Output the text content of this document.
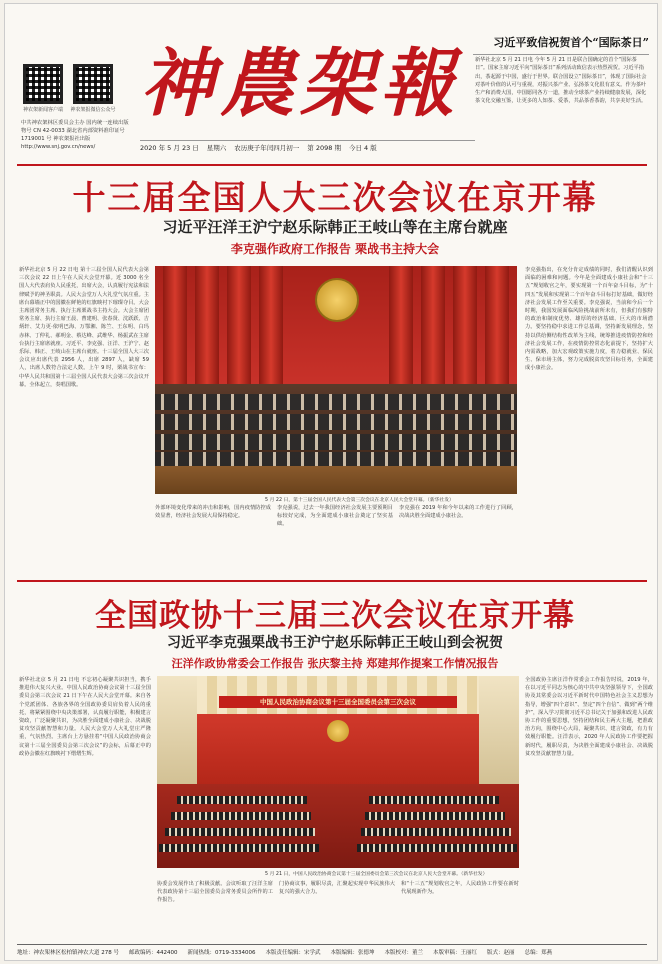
神农架新闻客户端	神农架报微信公众号
中共神农架林区委员会主办 国内统一连续出版物号 CN 42-0033 湖北省内部资料准印证号 1719001 号 神农架报社出版 http://www.snj.gov.cn/news/
神農架報
2020 年 5 月 23 日 星期六 农历庚子年闰四月初一 第 2098 期 今日 4 版
习近平致信祝贺首个“国际茶日”
新华社北京 5 月 21 日电 今年 5 月 21 日是联合国确定的首个“国际茶日”。国家主席习近平向“国际茶日”系列活动致信表示热烈祝贺。习近平指出，茶起源于中国，盛行于世界。联合国设立“国际茶日”，体现了国际社会对茶叶价值的认可与重视，对振兴茶产业、弘扬茶文化很有意义。作为茶叶生产和消费大国，中国愿同各方一道，推动全球茶产业持续健康发展，深化茶文化交融互鉴，让更多的人知茶、爱茶，共品茶香茶韵，共享美好生活。
十三届全国人大三次会议在京开幕
习近平汪洋王沪宁赵乐际韩正王岐山等在主席台就座
李克强作政府工作报告 栗战书主持大会
新华社北京 5 月 22 日电 第十三届全国人民代表大会第三次会议 22 日上午在人民大会堂开幕。近 3000 名全国人大代表肩负人民重托，出席大会，认真履行宪法和法律赋予的神圣职责。人民大会堂万人大礼堂气氛庄重。主席台幕墙正中的国徽在鲜艳的红旗映衬下璀璨夺目。大会主席团常务主席、执行主席栗战书主持大会。大会主席团常务主席、执行主席王晨、曹建明、张春贤、沈跃跃、吉炳轩、艾力更·依明巴海、万鄂湘、陈竺、王东明、白玛赤林、丁仲礼、郝明金、蔡达峰、武维华、杨振武在主席台执行主席席就座。习近平、李克强、汪洋、王沪宁、赵乐际、韩正、王岐山在主席台就座。十三届全国人大三次会议应出席代表 2956 人，出席 2897 人，缺席 59 人，出席人数符合法定人数。上午 9 时，栗战书宣布：中华人民共和国第十三届全国人民代表大会第三次会议开幕。全体起立，奏唱国歌。
李克强指出，在充分肯定成绩的同时，我们清醒认识到面临的困难和问题。今年是全面建成小康社会和“十三五”规划收官之年，要实现第一个百年奋斗目标，为“十四五”发展和实现第二个百年奋斗目标打好基础，做好经济社会发展工作至关重要。李克强说，当前和今后一个时期，我国发展面临风险挑战前所未有，但我们有独特的政治和制度优势、雄厚的经济基础、巨大的市场潜力。要坚持稳中求进工作总基调，坚持新发展理念，坚持以供给侧结构性改革为主线，统筹推进疫情防控和经济社会发展工作，在疫情防控常态化前提下，坚持扩大内需战略，加大宏观政策实施力度，着力稳就业、保民生、保市场主体，努力完成脱贫攻坚目标任务，全面建成小康社会。
5 月 22 日，第十三届全国人民代表大会第三次会议在北京人民大会堂开幕。（新华社发）
外部环境变化带来的冲击和影响，国内疫情防控成效显著，经济社会发展大局保持稳定。
李克强说，过去一年我国经济社会发展主要预期目标较好完成，为全面建成小康社会奠定了坚实基础。
李克强在 2019 年和今年以来的工作进行了回顾，决战决胜全面建成小康社会。
全国政协十三届三次会议在京开幕
习近平李克强栗战书王沪宁赵乐际韩正王岐山到会祝贺
汪洋作政协常委会工作报告 张庆黎主持 郑建邦作提案工作情况报告
新华社北京 5 月 21 日电 不忘初心凝聚共识担当，携手推进伟大复兴大业。中国人民政治协商会议第十三届全国委员会第三次会议 21 日下午在人民大会堂开幕。来自各个党派团体、各族各界的全国政协委员肩负着人民的重托，将紧紧围绕中央决策部署，认真履行职能，积极建言资政，广泛凝聚共识，为决胜全面建成小康社会、决战脱贫攻坚贡献智慧和力量。人民大会堂万人大礼堂庄严隆重，气氛热烈。主席台上方悬挂着“中国人民政治协商会议第十三届全国委员会第三次会议”的会标，后幕正中的政协会徽在红旗映衬下熠熠生辉。
全国政协主席汪洋作常委会工作报告时说，2019 年，在以习近平同志为核心的中共中央坚强领导下，全国政协及其常委会以习近平新时代中国特色社会主义思想为指导，增强“四个意识”、坚定“四个自信”、做到“两个维护”，深入学习贯彻习近平总书记关于加强和改进人民政协工作的重要思想，坚持团结和民主两大主题，把准政治方向，围绕中心大局，凝聚共识、建言资政，有力有效履行职能。汪洋表示，2020 年人民政协工作要把握新时代，履职尽责，为决胜全面建成小康社会、决战脱贫攻坚贡献智慧力量。
中国人民政治协商会议第十三届全国委员会第三次会议
5 月 21 日，中国人民政治协商会议第十三届全国委员会第三次会议在北京人民大会堂开幕。（新华社发）
协委会发展作出了积极贡献。会议听取了汪洋主席代表政协第十三届全国委员会常务委员会所作的工作报告。
门协商议事，履职尽责，汇聚起实现中华民族伟大复兴的强大合力。
和“十三五”规划收官之年，人民政协工作要在新时代展现新作为。
地址：神农架林区松柏镇神农大道 278 号 邮政编码：442400 新闻热线：0719-3334006 本版责任编辑：宋学武 本版编辑：张德坤 本版校对：董兰 本版审稿：王丽红 版式：赵丽 总编：郑燕
